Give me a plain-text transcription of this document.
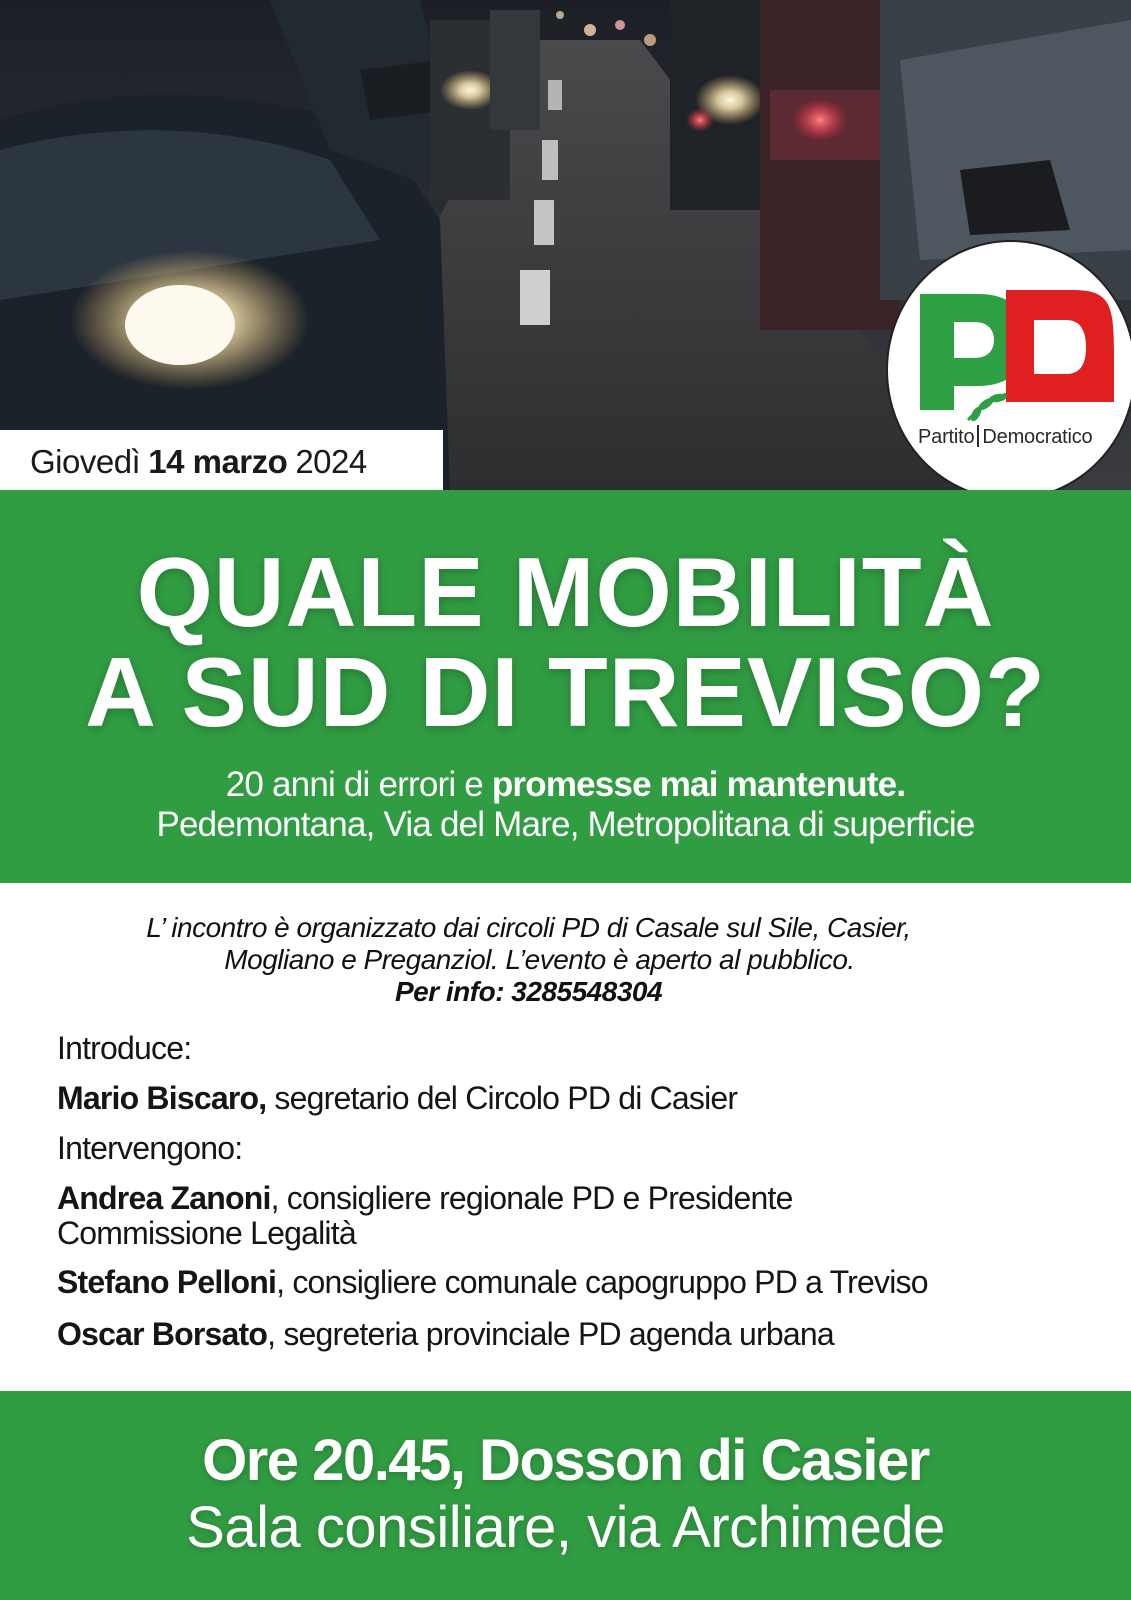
Giovedì 14 marzo 2024
Partito Democratico
QUALE MOBILITÀ
A SUD DI TREVISO?
20 anni di errori e promesse mai mantenute.
Pedemontana, Via del Mare, Metropolitana di superficie
L’ incontro è organizzato dai circoli PD di Casale sul Sile, Casier,
Mogliano e Preganziol. L’evento è aperto al pubblico.
Per info: 3285548304
Introduce:
Mario Biscaro, segretario del Circolo PD di Casier
Intervengono:
Andrea Zanoni, consigliere regionale PD e Presidente
Commissione Legalità
Stefano Pelloni, consigliere comunale capogruppo PD a Treviso
Oscar Borsato, segreteria provinciale PD agenda urbana
Ore 20.45, Dosson di Casier
Sala consiliare, via Archimede
